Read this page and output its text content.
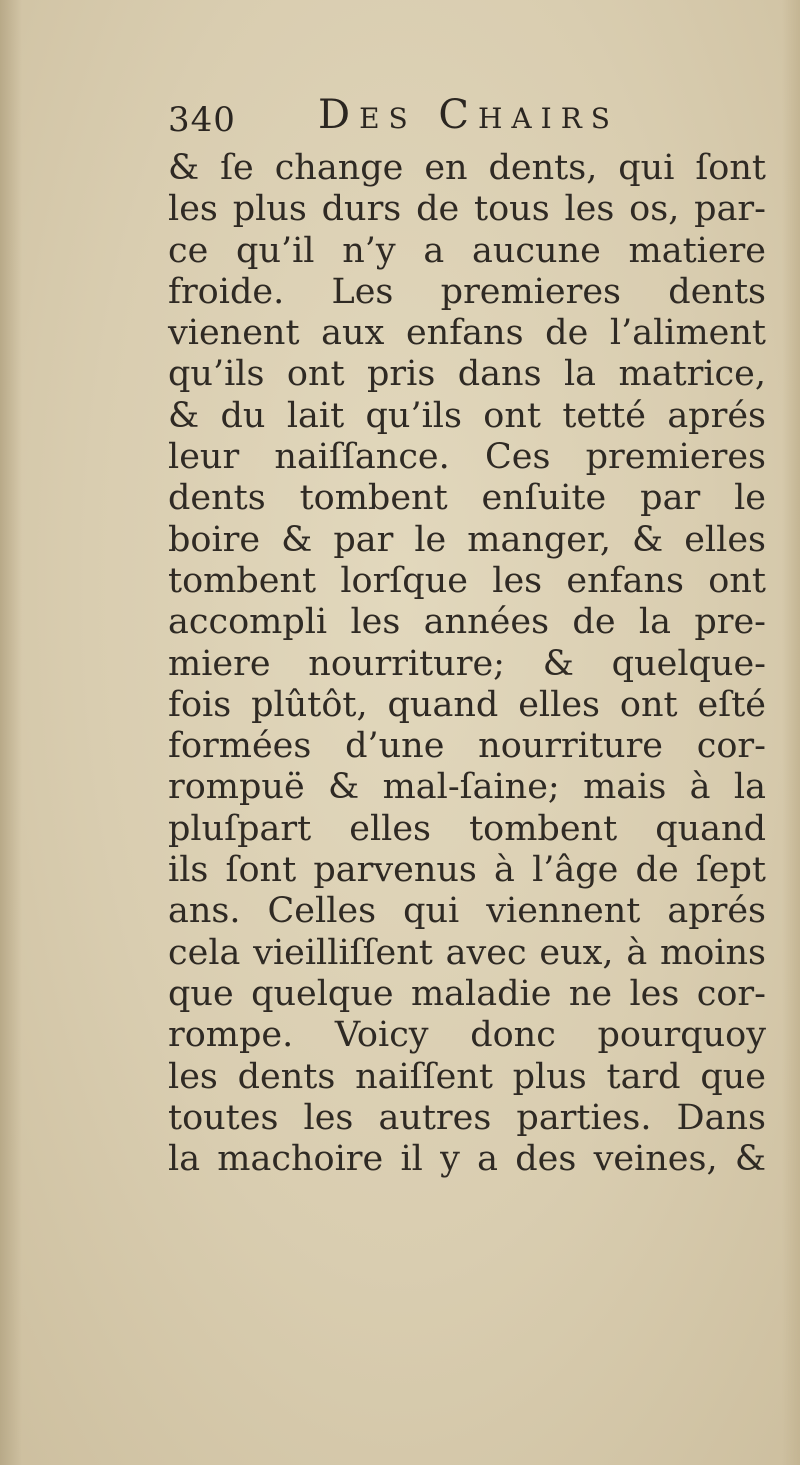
340 Des Chairs
& ſe change en dents, qui ſont
les plus durs de tous les os, par-
ce qu’il n’y a aucune matiere
froide. Les premieres dents
vienent aux enfans de l’aliment
qu’ils ont pris dans la matrice,
& du lait qu’ils ont tetté aprés
leur naiſſance. Ces premieres
dents tombent enſuite par le
boire & par le manger, & elles
tombent lorſque les enfans ont
accompli les années de la pre-
miere nourriture; & quelque-
fois plûtôt, quand elles ont eſté
formées d’une nourriture cor-
rompuë & mal-ſaine; mais à la
pluſpart elles tombent quand
ils ſont parvenus à l’âge de ſept
ans. Celles qui viennent aprés
cela vieilliſſent avec eux, à moins
que quelque maladie ne les cor-
rompe. Voicy donc pourquoy
les dents naiſſent plus tard que
toutes les autres parties. Dans
la machoire il y a des veines, &
